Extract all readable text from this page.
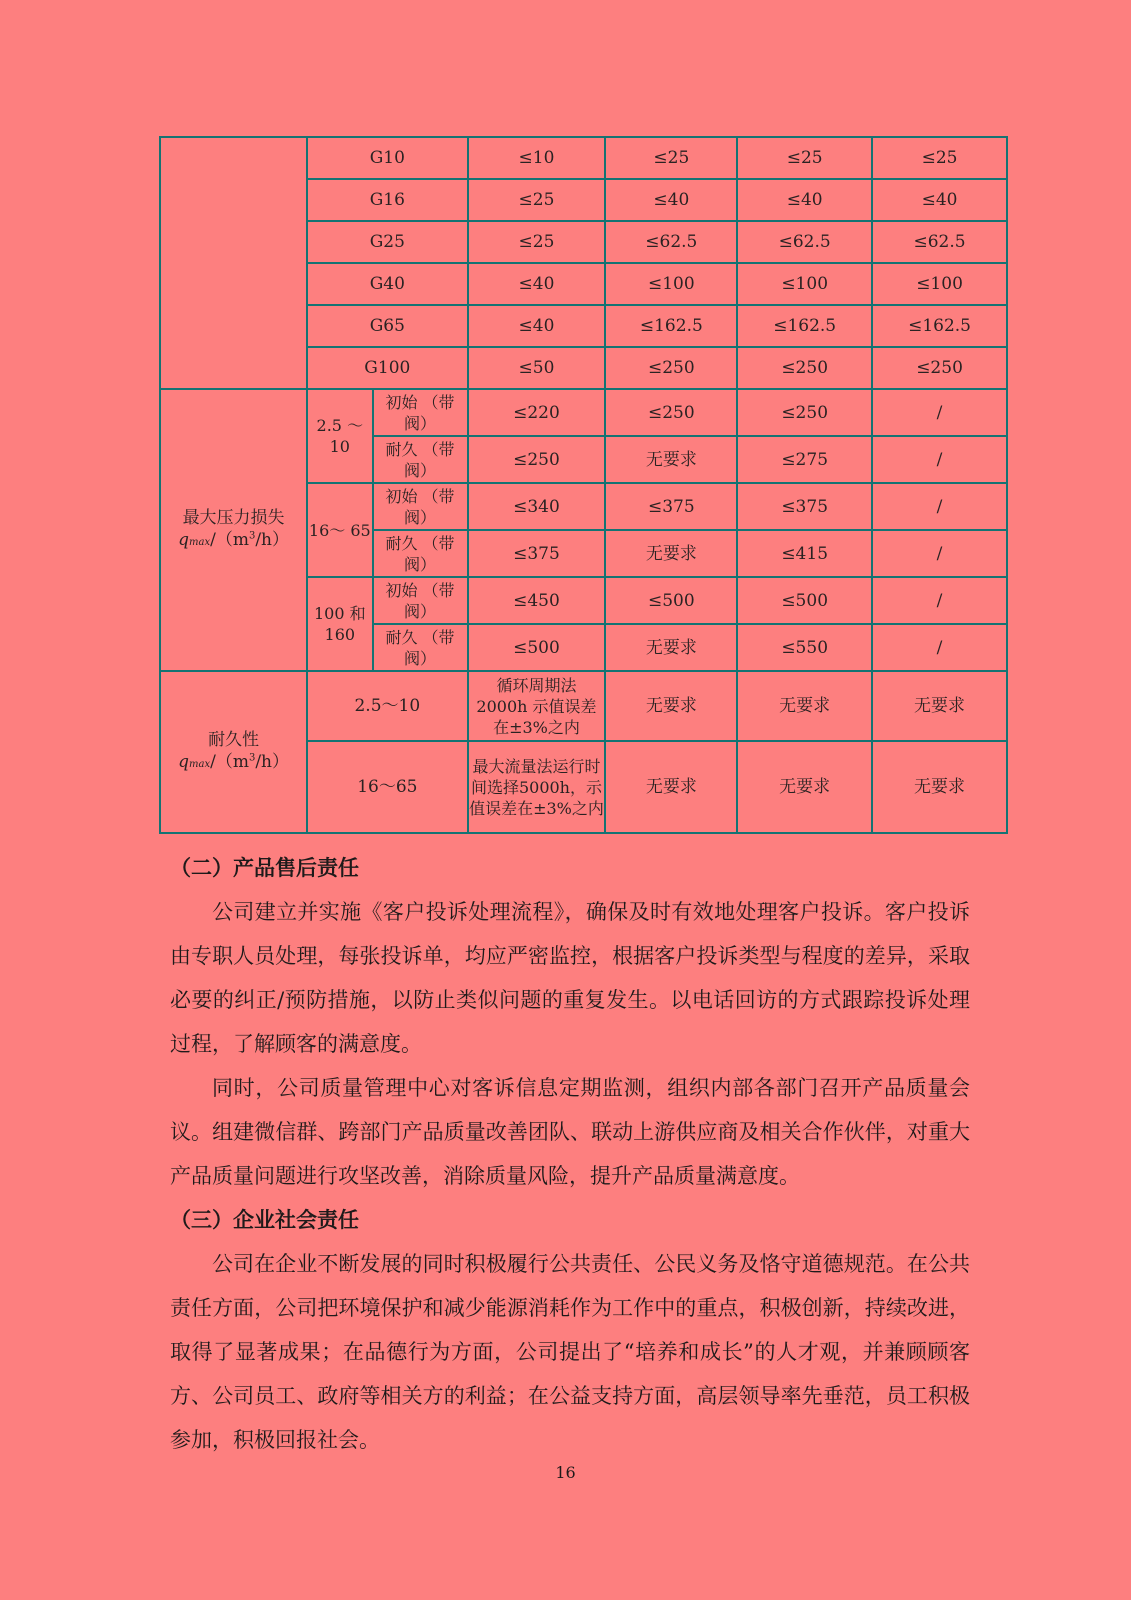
	G10		≤10	≤25	≤25	≤25
	G16		≤25	≤40	≤40	≤40
	G25		≤25	≤62.5	≤62.5	≤62.5
	G40		≤40	≤100	≤100	≤100
	G65		≤40	≤162.5	≤162.5	≤162.5
	G100		≤50	≤250	≤250	≤250
最大压力损失
qmax/$(m^3/h)$	2.5 ～10	初始 （带阀）	≤220	≤250	≤250	/
		耐久 （带阀）	≤250	无要求	≤275	/
	16～ 65	初始 （带阀）	≤340	≤375	≤375	/
		耐久 （带阀）	≤375	无要求	≤415	/
	100 和 160	初始 （带阀）	≤450	≤500	≤500	/
		耐久 （带阀）	≤500	无要求	≤550	/
耐久性
qmax/$(m^3/h)$	2.5～10		循环周期法 2000h 示值误差在±3%之内	无要求	无要求	无要求
	16～65		最大流量法运行时间选择5000h，示值误差在±3%之内	无要求	无要求	无要求

（二）产品售后责任

公司建立并实施《客户投诉处理流程》，确保及时有效地处理客户投诉。客户投诉由专职人员处理，每张投诉单，均应严密监控，根据客户投诉类型与程度的差异，采取必要的纠正/预防措施，以防止类似问题的重复发生。以电话回访的方式跟踪投诉处理过程，了解顾客的满意度。

同时，公司质量管理中心对客诉信息定期监测，组织内部各部门召开产品质量会议。组建微信群、跨部门产品质量改善团队、联动上游供应商及相关合作伙伴，对重大产品质量问题进行攻坚改善，消除质量风险，提升产品质量满意度。

（三）企业社会责任

公司在企业不断发展的同时积极履行公共责任、公民义务及恪守道德规范。在公共责任方面，公司把环境保护和减少能源消耗作为工作中的重点，积极创新，持续改进，取得了显著成果；在品德行为方面，公司提出了“培养和成长”的人才观，并兼顾顾客方、公司员工、政府等相关方的利益；在公益支持方面，高层领导率先垂范，员工积极参加，积极回报社会。

16
